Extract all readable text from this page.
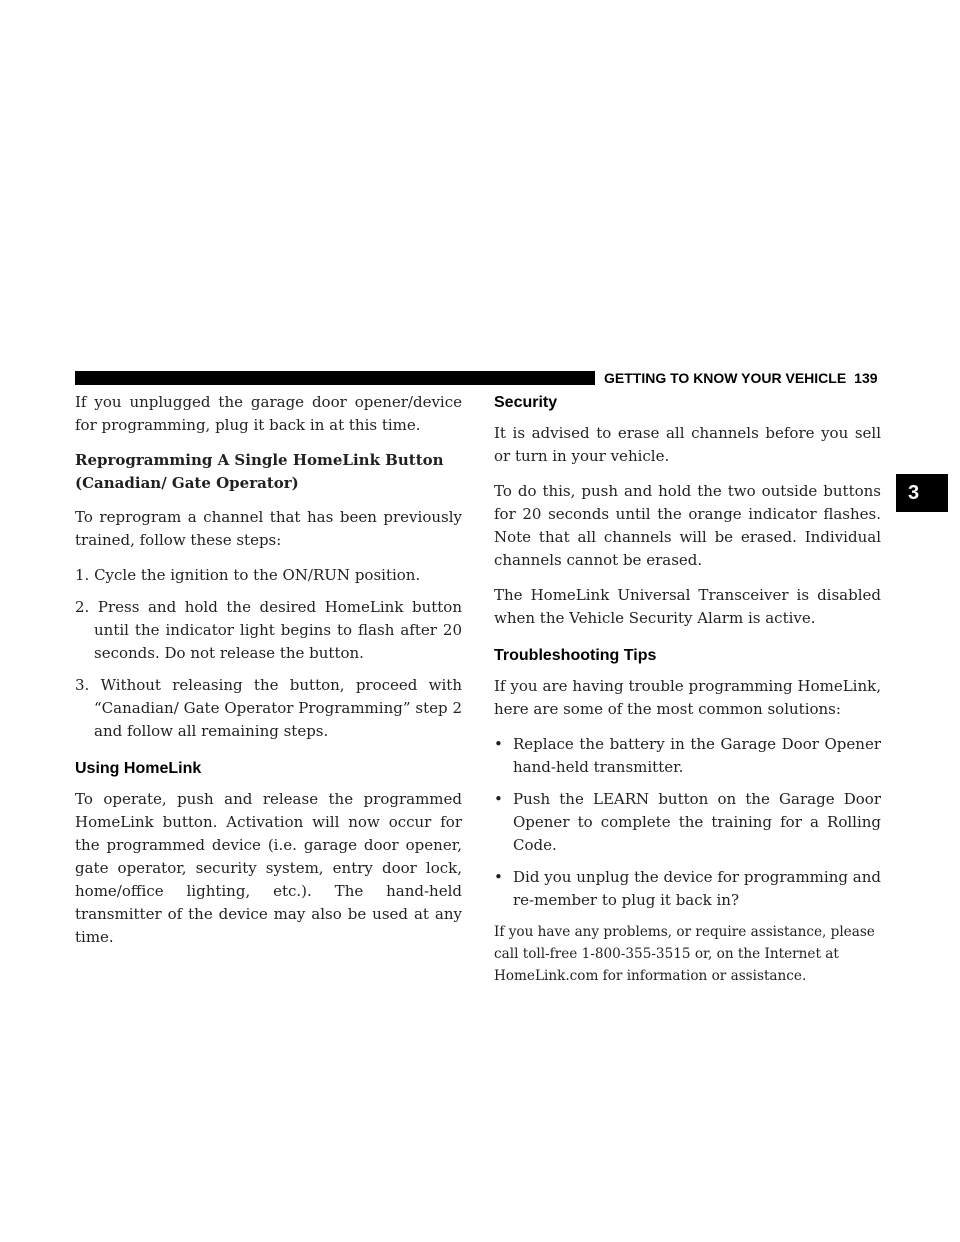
GETTING TO KNOW YOUR VEHICLE 139
3

If you unplugged the garage door opener/device for programming, plug it back in at this time.

Reprogramming A Single HomeLink Button (Canadian/ Gate Operator)

To reprogram a channel that has been previously trained, follow these steps:

1. Cycle the ignition to the ON/RUN position.
2. Press and hold the desired HomeLink button until the indicator light begins to flash after 20 seconds. Do not release the button.
3. Without releasing the button, proceed with “Canadian/ Gate Operator Programming” step 2 and follow all remaining steps.
Using HomeLink

To operate, push and release the programmed HomeLink button. Activation will now occur for the programmed device (i.e. garage door opener, gate operator, security system, entry door lock, home/office lighting, etc.). The hand-held transmitter of the device may also be used at any time.

Security

It is advised to erase all channels before you sell or turn in your vehicle.

To do this, push and hold the two outside buttons for 20 seconds until the orange indicator flashes. Note that all channels will be erased. Individual channels cannot be erased.

The HomeLink Universal Transceiver is disabled when the Vehicle Security Alarm is active.

Troubleshooting Tips

If you are having trouble programming HomeLink, here are some of the most common solutions:

• Replace the battery in the Garage Door Opener hand-held transmitter.
• Push the LEARN button on the Garage Door Opener to complete the training for a Rolling Code.
• Did you unplug the device for programming and re-member to plug it back in?

If you have any problems, or require assistance, please call toll-free 1-800-355-3515 or, on the Internet at HomeLink.com for information or assistance.
